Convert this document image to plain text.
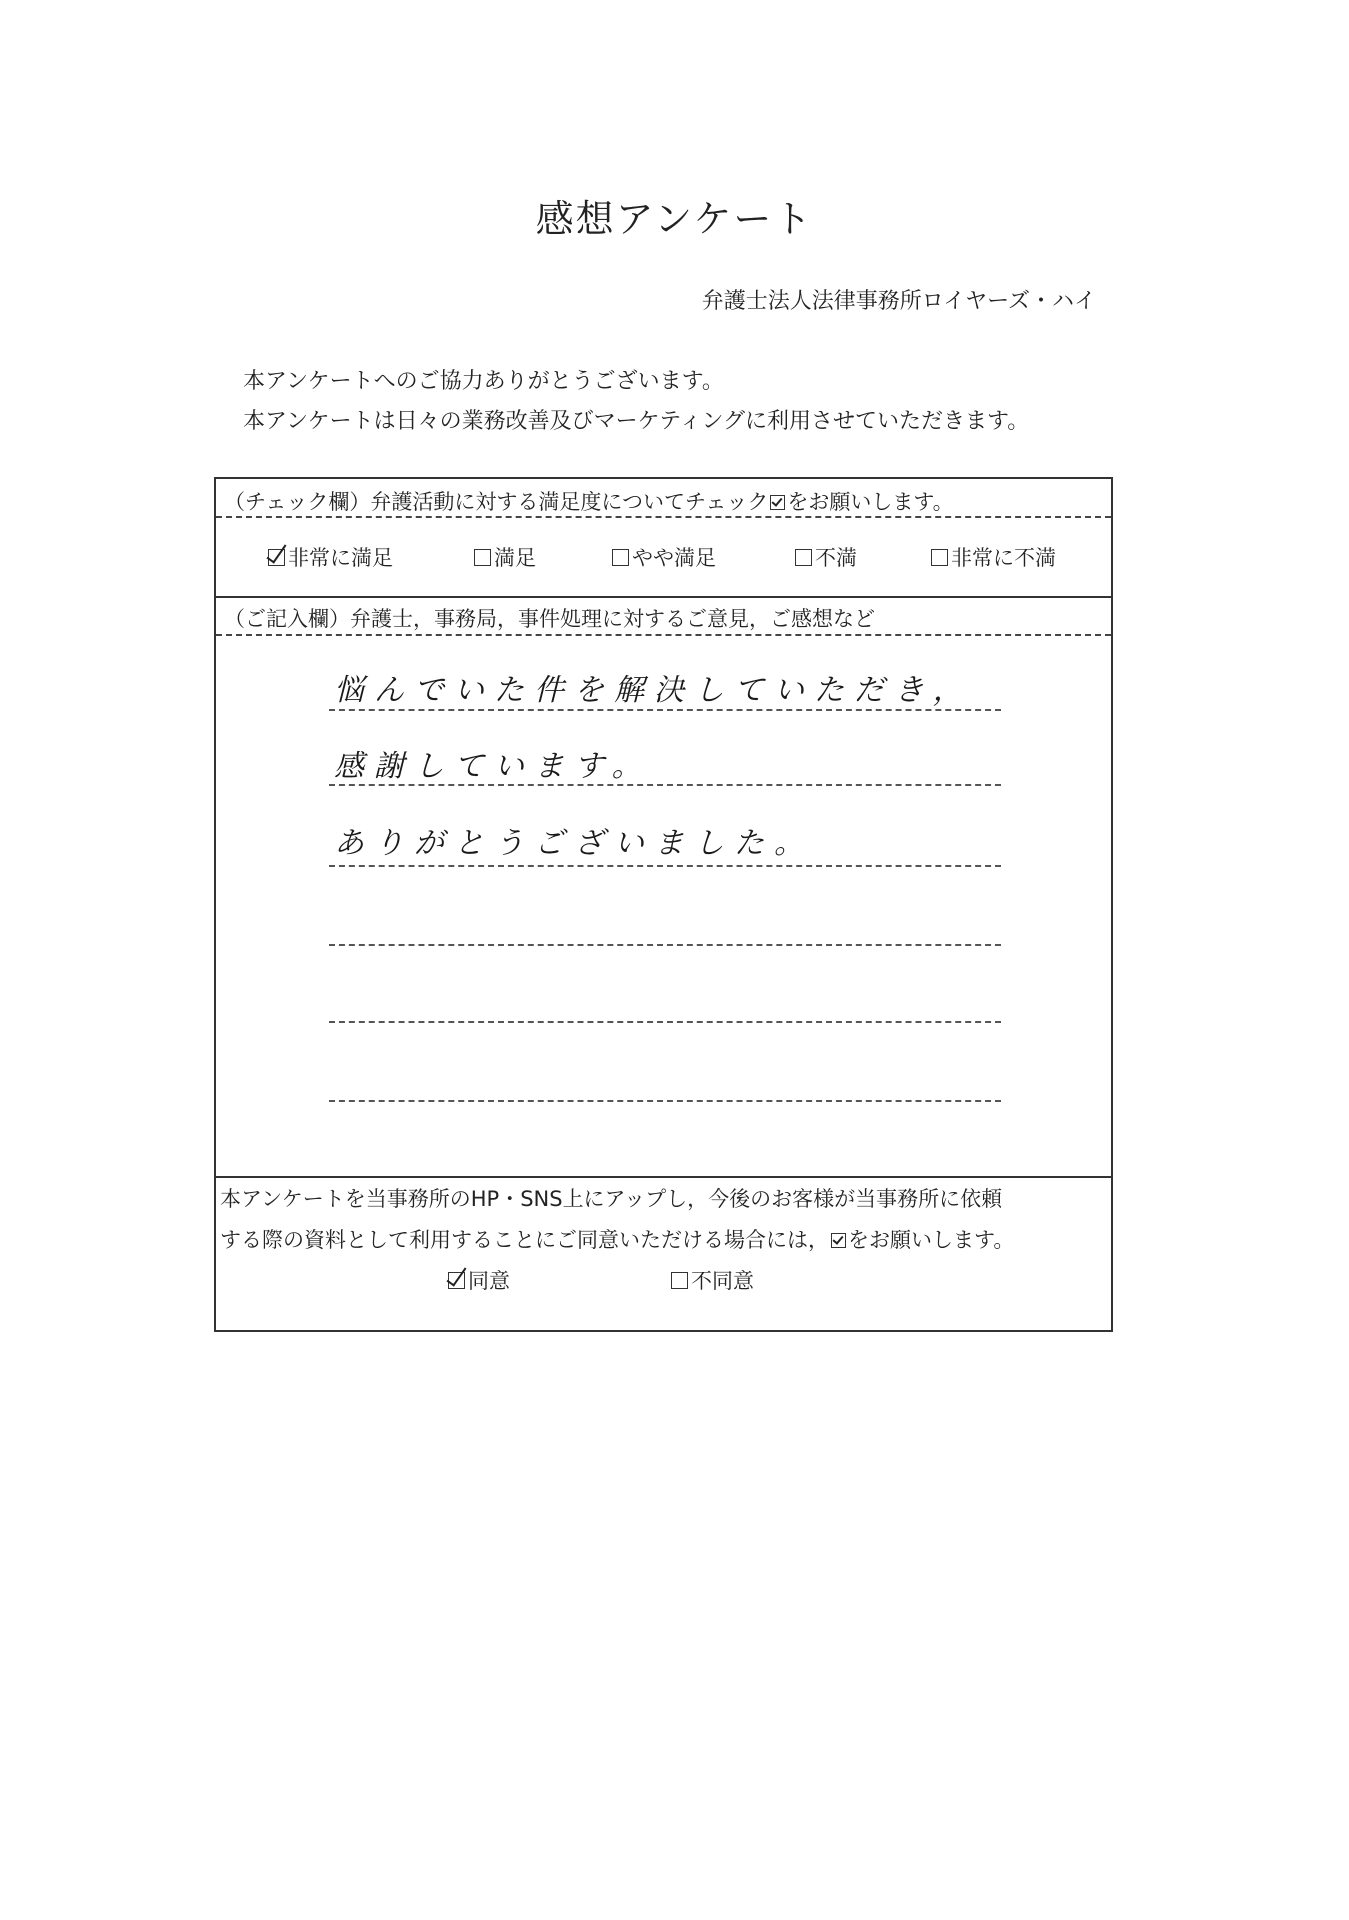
感想アンケート
弁護士法人法律事務所ロイヤーズ・ハイ
本アンケートへのご協力ありがとうございます。
本アンケートは日々の業務改善及びマーケティングに利用させていただきます。
（チェック欄）弁護活動に対する満足度についてチェック をお願いします。
非常に満足	満足	やや満足	不満	非常に不満
（ご記入欄）弁護士，事務局，事件処理に対するご意見，ご感想など
悩んでいた件を解決していただき，
感謝しています。
ありがとうございました。
本アンケートを当事務所のHP・SNS上にアップし，今後のお客様が当事務所に依頼
する際の資料として利用することにご同意いただける場合には， をお願いします。
同意	不同意
